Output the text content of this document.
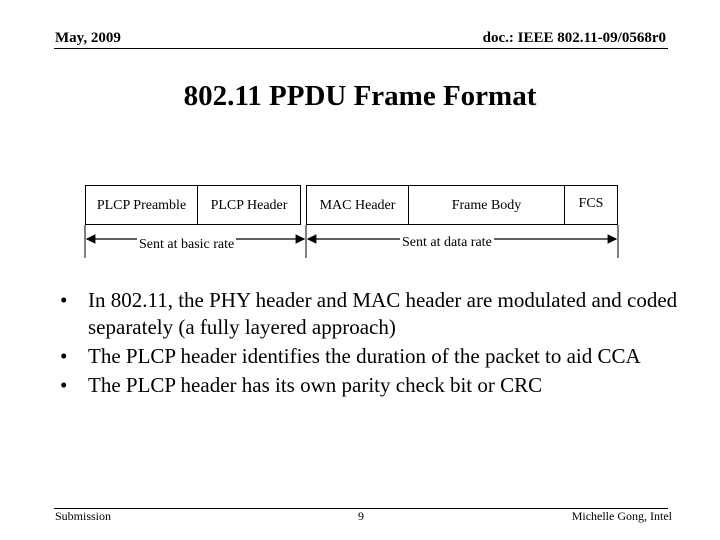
May, 2009	doc.: IEEE 802.11-09/0568r0
802.11 PPDU Frame Format
PLCP Preamble	PLCP Header	MAC Header	Frame Body	FCS
Sent at basic rate	Sent at data rate
• In 802.11, the PHY header and MAC header are modulated and coded separately (a fully layered approach)
• The PLCP header identifies the duration of the packet to aid CCA
• The PLCP header has its own parity check bit or CRC
Submission	9	Michelle Gong, Intel
